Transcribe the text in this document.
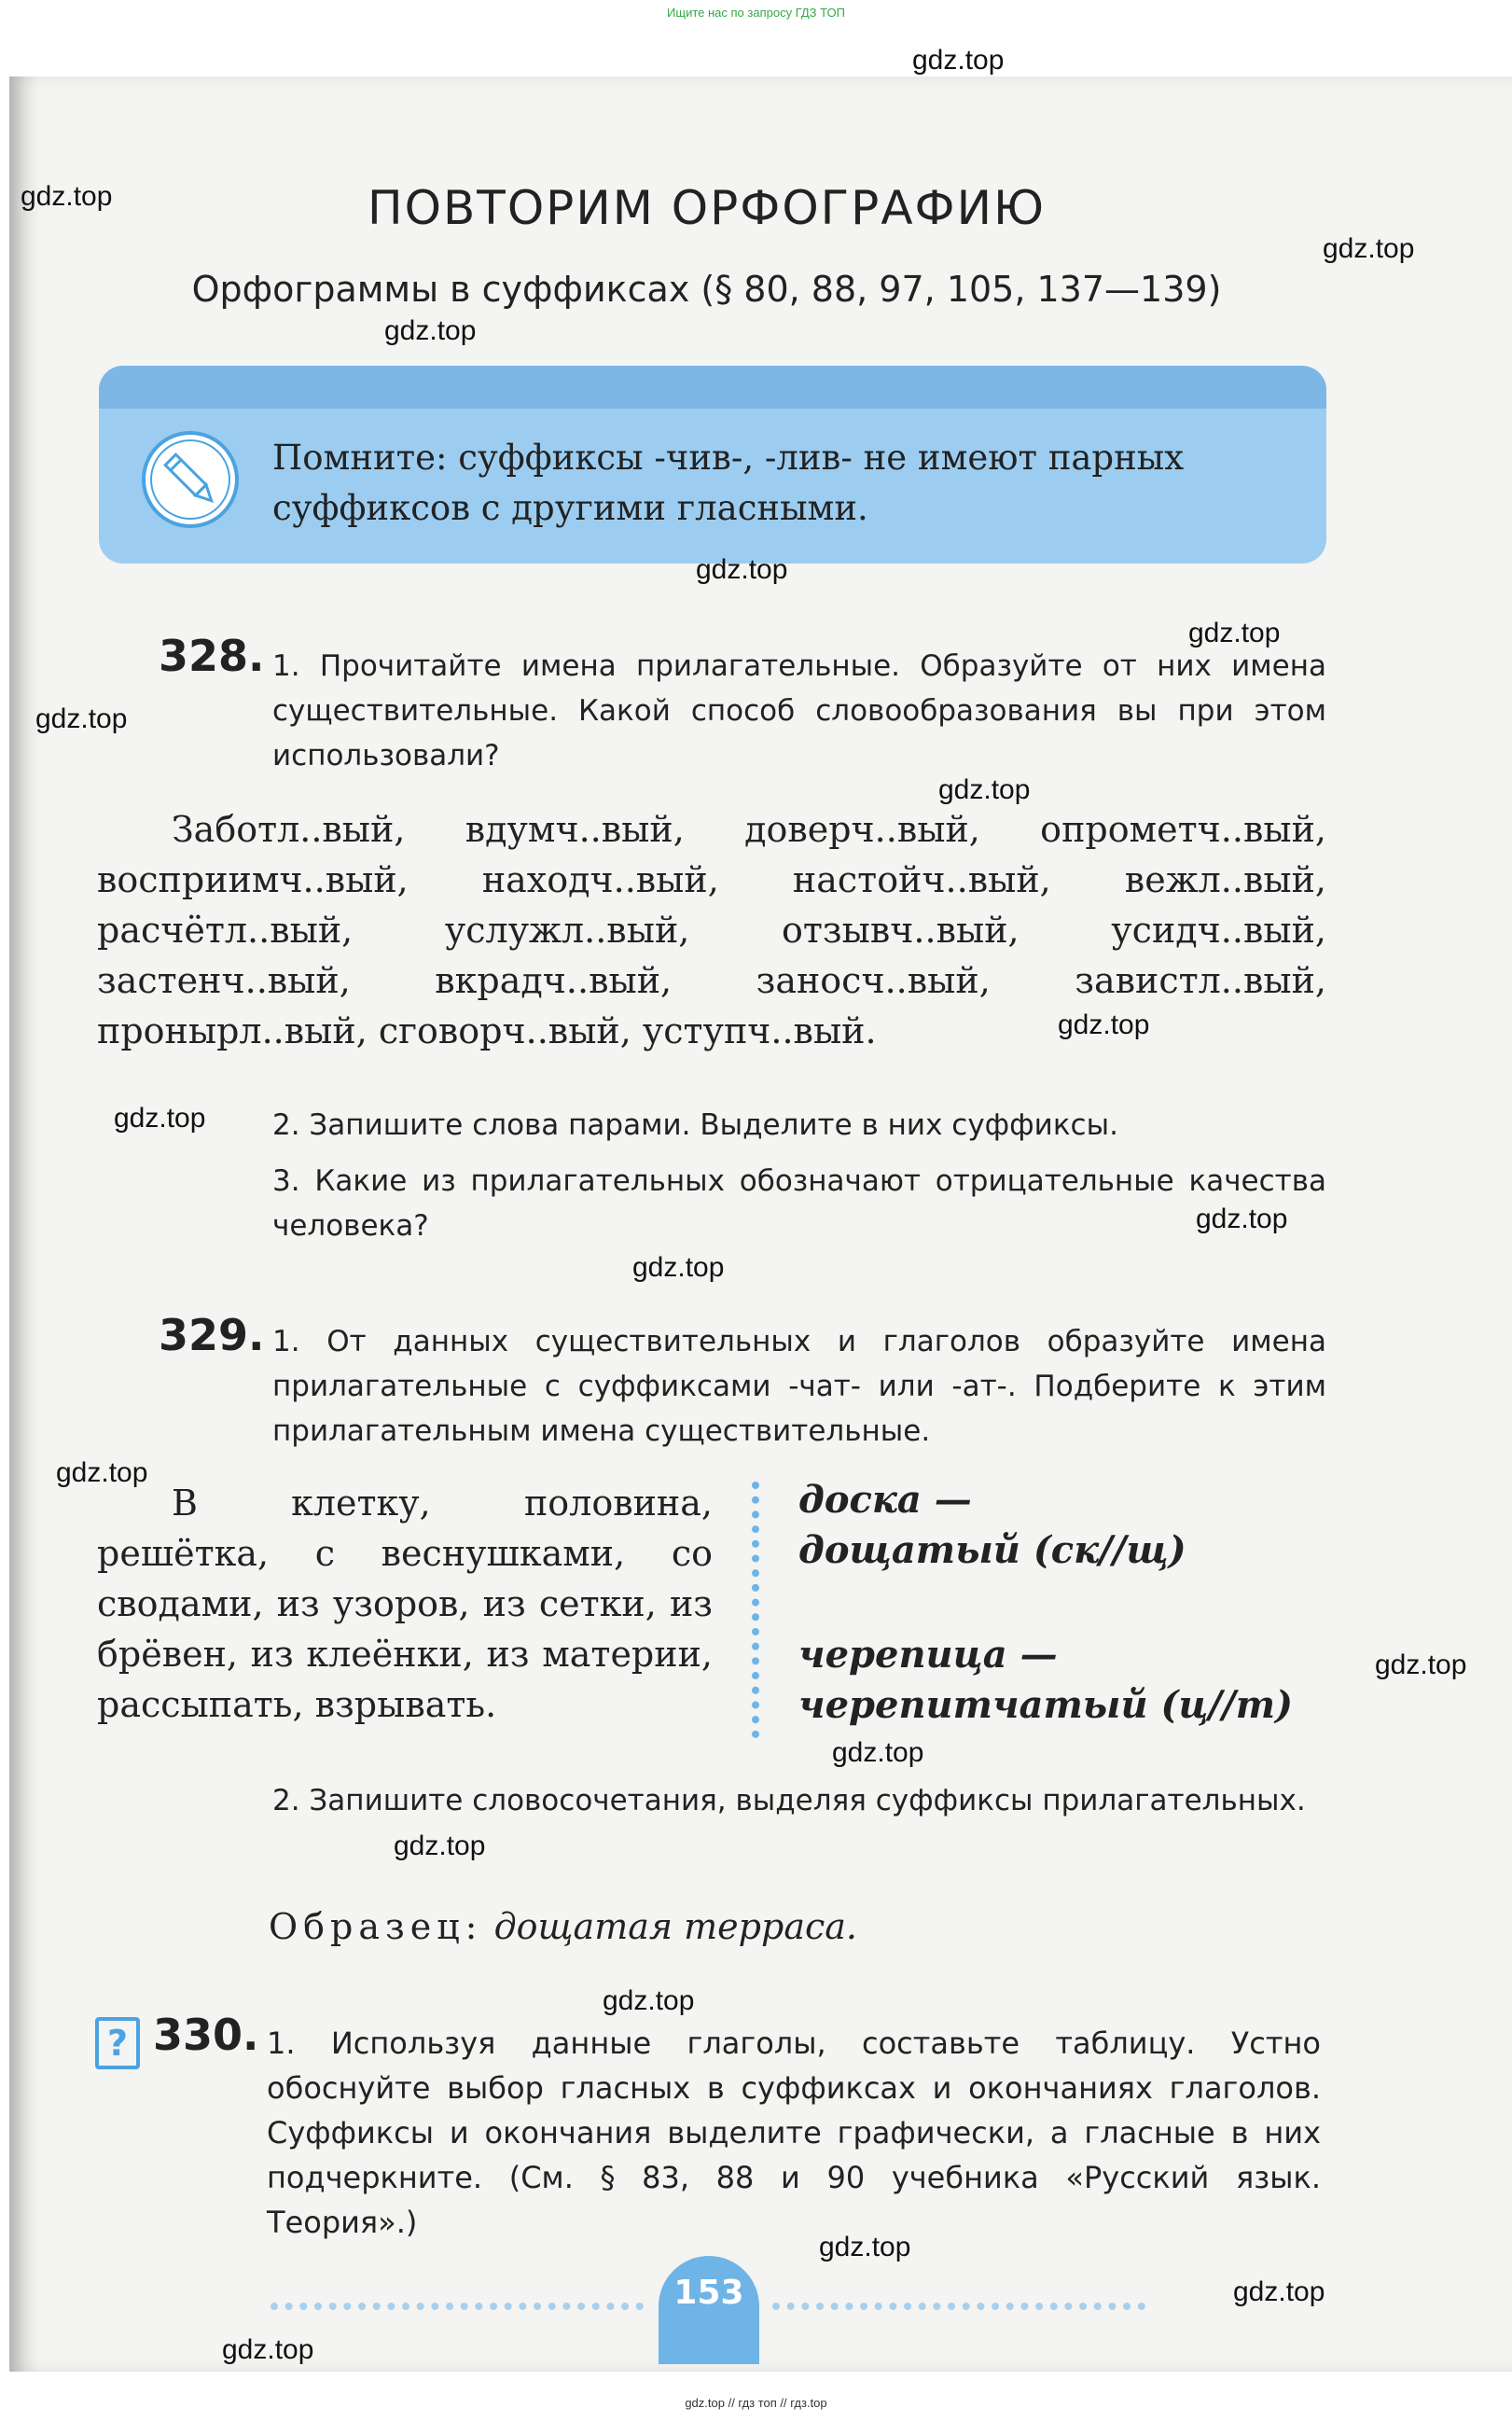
Ищите нас по запросу ГДЗ ТОП
ПОВТОРИМ ОРФОГРАФИЮ
Орфограммы в суффиксах (§ 80, 88, 97, 105, 137—139)
Помните: суффиксы -чив-, -лив- не имеют парных
суффиксов с другими гласными.
328. 1. Прочитайте имена прилагательные. Образуйте от них имена существительные. Какой способ словообразования вы при этом использовали?
Заботл..вый, вдумч..вый, доверч..вый, опрометч..вый, восприимч..вый, находч..вый, настойч..вый, вежл..вый, расчётл..вый, услужл..вый, отзывч..вый, усидч..вый, застенч..вый, вкрадч..вый, заносч..вый, завистл..вый, пронырл..вый, сговорч..вый, уступч..вый.
2. Запишите слова парами. Выделите в них суффиксы.
3. Какие из прилагательных обозначают отрицательные качества человека?
329. 1. От данных существительных и глаголов образуйте имена прилагательные с суффиксами -чат- или -ат-. Подберите к этим прилагательным имена существительные.
В клетку, половина, решётка, с веснушками, со сводами, из узоров, из сетки, из брёвен, из клеёнки, из материи, рассыпать, взрывать.
доска —
дощатый (ск//щ)
черепица —
черепитчатый (ц//т)
2. Запишите словосочетания, выделяя суффиксы прилагательных.
Образец: дощатая терраса.
? 330. 1. Используя данные глаголы, составьте таблицу. Устно обоснуйте выбор гласных в суффиксах и окончаниях глаголов. Суффиксы и окончания выделите графически, а гласные в них подчеркните. (См. § 83, 88 и 90 учебника «Русский язык. Теория».)
153
gdz.top
gdz.top
gdz.top
gdz.top
gdz.top
gdz.top
gdz.top
gdz.top
gdz.top
gdz.top
gdz.top
gdz.top
gdz.top
gdz.top
gdz.top
gdz.top
gdz.top
gdz.top
gdz.top
gdz.top
gdz.top // гдз топ // гдз.top
